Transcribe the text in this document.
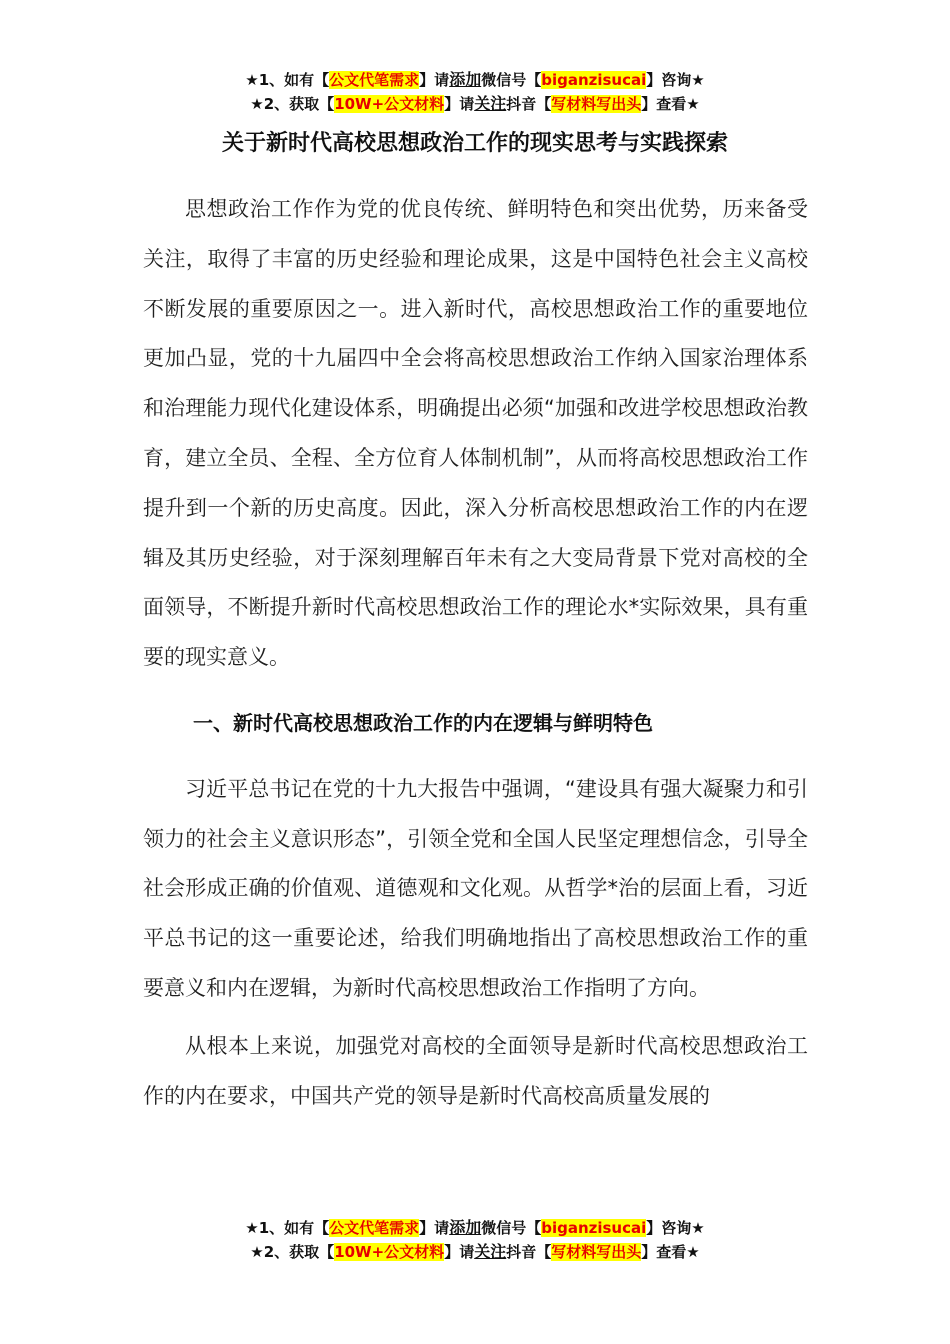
★1、如有【公文代笔需求】请添加微信号【biganzisucai】咨询★
★2、获取【10W+公文材料】请关注抖音【写材料写出头】查看★
关于新时代高校思想政治工作的现实思考与实践探索

思想政治工作作为党的优良传统、鲜明特色和突出优势，历来备受关注，取得了丰富的历史经验和理论成果，这是中国特色社会主义高校不断发展的重要原因之一。进入新时代，高校思想政治工作的重要地位更加凸显，党的十九届四中全会将高校思想政治工作纳入国家治理体系和治理能力现代化建设体系，明确提出必须“加强和改进学校思想政治教育，建立全员、全程、全方位育人体制机制”，从而将高校思想政治工作提升到一个新的历史高度。因此，深入分析高校思想政治工作的内在逻辑及其历史经验，对于深刻理解百年未有之大变局背景下党对高校的全面领导，不断提升新时代高校思想政治工作的理论水*实际效果，具有重要的现实意义。

一、新时代高校思想政治工作的内在逻辑与鲜明特色

习近平总书记在党的十九大报告中强调，“建设具有强大凝聚力和引领力的社会主义意识形态”，引领全党和全国人民坚定理想信念，引导全社会形成正确的价值观、道德观和文化观。从哲学*治的层面上看，习近平总书记的这一重要论述，给我们明确地指出了高校思想政治工作的重要意义和内在逻辑，为新时代高校思想政治工作指明了方向。

从根本上来说，加强党对高校的全面领导是新时代高校思想政治工作的内在要求，中国共产党的领导是新时代高校高质量发展的

★1、如有【公文代笔需求】请添加微信号【biganzisucai】咨询★
★2、获取【10W+公文材料】请关注抖音【写材料写出头】查看★
